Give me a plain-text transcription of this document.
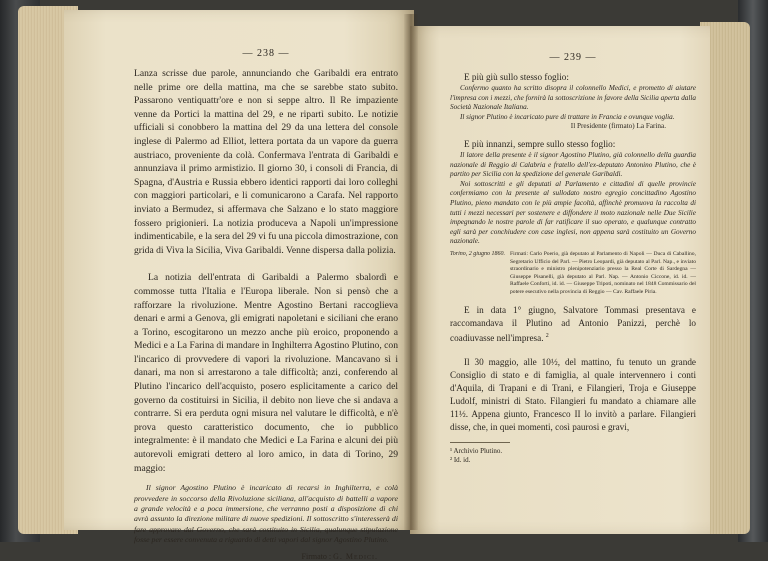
— 238 —

Lanza scrisse due parole, annunciando che Garibaldi era entrato nelle prime ore della mattina, ma che se sarebbe stato subito. Passarono ventiquattr'ore e non si seppe altro. Il Re impaziente venne da Portici la mattina del 29, e ne ripartì subito. Le notizie ufficiali si conobbero la mattina del 29 da una lettera del console inglese di Palermo ad Elliot, lettera portata da un vapore da guerra austriaco, proveniente da colà. Confermava l'entrata di Garibaldi e annunziava il primo armistizio. Il giorno 30, i consoli di Francia, di Spagna, d'Austria e Russia ebbero identici rapporti dai loro colleghi con maggiori particolari, e li comunicarono a Carafa. Nel rapporto inviato a Bermudez, si affermava che Salzano e lo stato maggiore fossero prigionieri. La notizia produceva a Napoli un'impressione indimenticabile, e la sera del 29 vi fu una piccola dimostrazione, con grida di Viva la Sicilia, Viva Garibaldi. Venne dispersa dalla polizia.

La notizia dell'entrata di Garibaldi a Palermo sbalordì e commosse tutta l'Italia e l'Europa liberale. Non si pensò che a rafforzare la rivoluzione. Mentre Agostino Bertani raccoglieva denari e armi a Genova, gli emigrati napoletani e siciliani che erano a Torino, escogitarono un mezzo anche più eroico, proponendo a Medici e a La Farina di mandare in Inghilterra Agostino Plutino, con l'incarico di provvedere di vapori la rivoluzione. Mancavano sì i danari, ma non si arrestarono a tale difficoltà; anzi, conferendo al Plutino l'incarico dell'acquisto, posero esplicitamente a carico del governo da costituirsi in Sicilia, il debito non lieve che si andava a contrarre. Si era perduta ogni misura nel valutare le difficoltà, e n'è prova questo caratteristico documento, che io pubblico integralmente: è il mandato che Medici e La Farina e alcuni dei più autorevoli emigrati dettero al loro amico, in data di Torino, 29 maggio:

Il signor Agostino Plutino è incaricato di recarsi in Inghilterra, e colà provvedere in soccorso della Rivoluzione siciliana, all'acquisto di battelli a vapore a grande velocità e a poca immersione, che verranno posti a disposizione di chi avrà assunto la direzione militare di nuove spedizioni. Il sottoscritto s'interesserà di fare approvare dal Governo, che sarà costituito in Sicilia, qualunque stipulazione fosse per essere convenuta a riguardo di detti vapori dal signor Agostino Plutino.

Firmato : G. Medici.
— 239 —

E più giù sullo stesso foglio:

Confermo quanto ha scritto disopra il colonnello Medici, e prometto di aiutare l'impresa con i mezzi, che fornirà la sottoscrizione in favore della Sicilia aperta dalla Società Nazionale Italiana.

Il signor Plutino è incaricato pure di trattare in Francia e ovunque voglia.

Il Presidente (firmato) La Farina.

E più innanzi, sempre sullo stesso foglio:

Il latore della presente è il signor Agostino Plutino, già colonnello della guardia nazionale di Reggio di Calabria e fratello dell'ex-deputato Antonino Plutino, che è partito per Sicilia con la spedizione del generale Garibaldi.

Noi sottoscritti e gli deputati al Parlamento e cittadini di quelle provincie confermiamo con la presente al sullodato nostro egregio concittadino Agostino Plutino, pieno mandato con le più ampie facoltà, affinchè promuova la raccolta di tutti i mezzi necessari per sostenere e diffondere il moto nazionale nelle Due Sicilie impegnando le nostre parole di far ratificare il suo operato, e qualunque contratto egli sarà per conchiudere con case inglesi, non appena sarà costituito un Governo nazionale.

Torino, 2 giugno 1860. Firmati: Carlo Poerio, già deputato al Parlamento di Napoli — Duca di Caballino, Segretario Ufficio del Parl. — Pietro Leopardi, già deputato al Parl. Nap., e inviato straordinario e ministro plenipotenziario presso la Real Corte di Sardegna — Giuseppe Pisanelli, già deputato al Parl. Nap. — Antonio Ciccone, id. id. — Raffaele Conforti, id. id. — Giuseppe Tripoti, nominato nel 1848 Commissario del potere esecutivo nella provincia di Reggio — Cav. Raffaele Piria.

E in data 1° giugno, Salvatore Tommasi presentava e raccomandava il Plutino ad Antonio Panizzi, perchè lo coadiuvasse nell'impresa. $^2$

Il 30 maggio, alle 10½, del mattino, fu tenuto un grande Consiglio di stato e di famiglia, al quale intervennero i conti d'Aquila, di Trapani e di Trani, e Filangieri, Troja e Giuseppe Ludolf, ministri di Stato. Filangieri fu mandato a chiamare alle 11½. Appena giunto, Francesco II lo invitò a parlare. Filangieri disse, che, in quei momenti, così paurosi e gravi,

¹ Archivio Plutino.

² Id. id.
